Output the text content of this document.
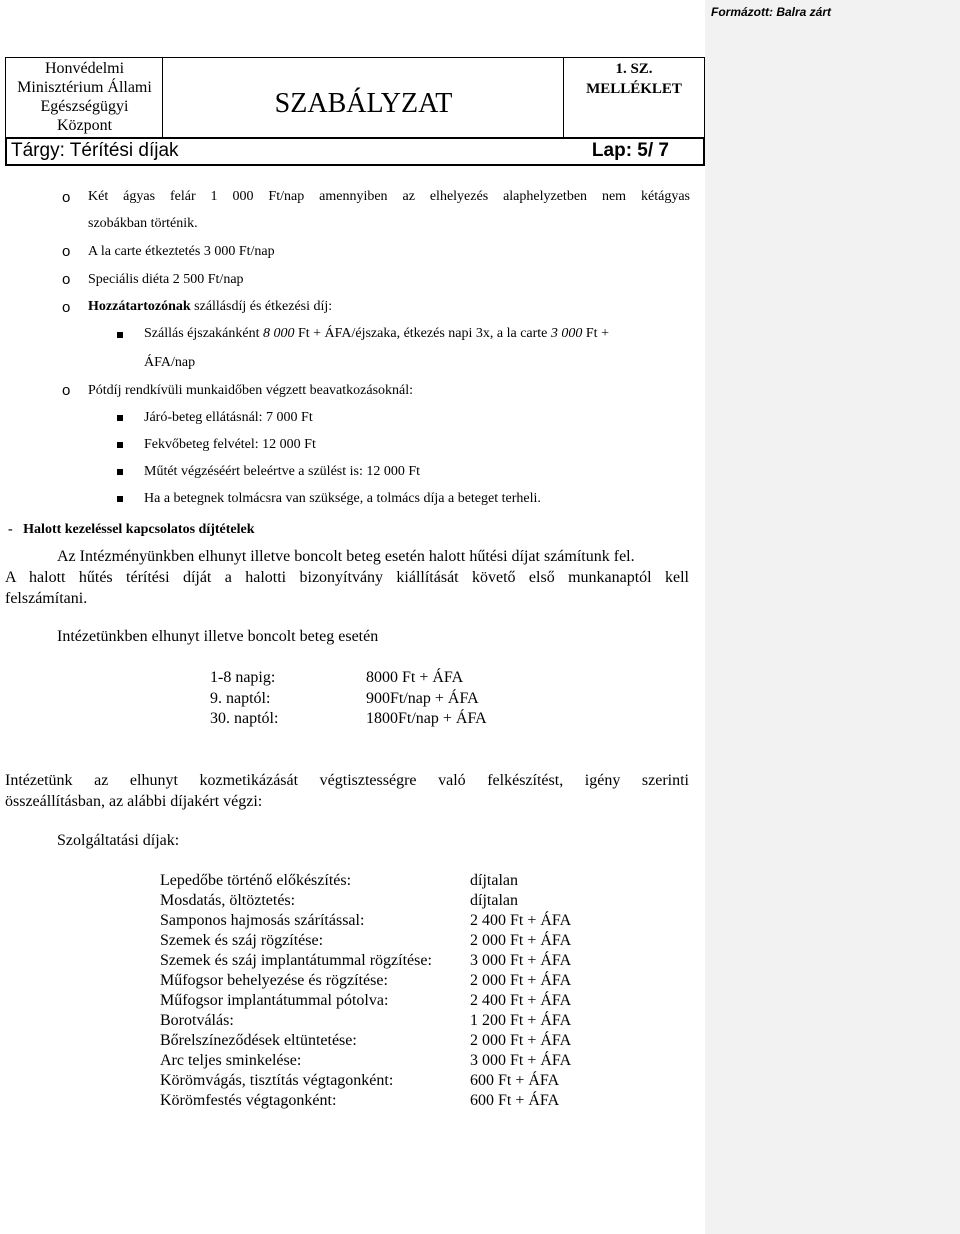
Formázott: Balra zárt
Honvédelmi
Minisztérium Állami
Egészségügyi
Központ
SZABÁLYZAT
1. SZ.
MELLÉKLET
Tárgy: Térítési díjak	Lap: 5/ 7
o Két ágyas felár 1 000 Ft/nap amennyiben az elhelyezés alaphelyzetben nem kétágyas
szobákban történik.
o A la carte étkeztetés 3 000 Ft/nap
o Speciális diéta 2 500 Ft/nap
o Hozzátartozónak szállásdíj és étkezési díj:
Szállás éjszakánként 8 000 Ft + ÁFA/éjszaka, étkezés napi 3x, a la carte 3 000 Ft +
ÁFA/nap
o Pótdíj rendkívüli munkaidőben végzett beavatkozásoknál:
Járó-beteg ellátásnál: 7 000 Ft
Fekvőbeteg felvétel: 12 000 Ft
Műtét végzéséért beleértve a szülést is: 12 000 Ft
Ha a betegnek tolmácsra van szüksége, a tolmács díja a beteget terheli.
-   Halott kezeléssel kapcsolatos díjtételek
Az Intézményünkben elhunyt illetve boncolt beteg esetén halott hűtési díjat számítunk fel.
A halott hűtés térítési díját a halotti bizonyítvány kiállítását követő első munkanaptól kell
felszámítani.
Intézetünkben elhunyt illetve boncolt beteg esetén
1-8 napig:	8000 Ft + ÁFA
9. naptól:	900Ft/nap + ÁFA
30. naptól:	1800Ft/nap + ÁFA
Intézetünk az elhunyt kozmetikázását végtisztességre való felkészítést, igény szerinti
összeállításban, az alábbi díjakért végzi:
Szolgáltatási díjak:
Lepedőbe történő előkészítés:	díjtalan
Mosdatás, öltöztetés:	díjtalan
Samponos hajmosás szárítással:	2 400 Ft + ÁFA
Szemek és száj rögzítése:	2 000 Ft + ÁFA
Szemek és száj implantátummal rögzítése: 3 000 Ft + ÁFA
Műfogsor behelyezése és rögzítése:	2 000 Ft + ÁFA
Műfogsor implantátummal pótolva:	2 400 Ft + ÁFA
Borotválás:	1 200 Ft + ÁFA
Bőrelszíneződések eltüntetése:	2 000 Ft + ÁFA
Arc teljes sminkelése:	3 000 Ft + ÁFA
Körömvágás, tisztítás végtagonként:	600 Ft + ÁFA
Körömfestés végtagonként:	600 Ft + ÁFA
